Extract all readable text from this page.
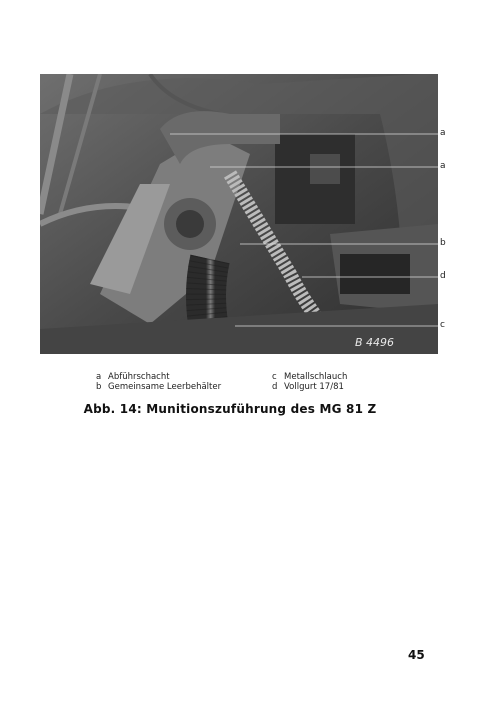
B 4496
a
a
b
d
c
a Abführschacht	c Metallschlauch
b Gemeinsame Leerbehälter	d Vollgurt 17/81
Abb. 14: Munitionszuführung des MG 81 Z
45
